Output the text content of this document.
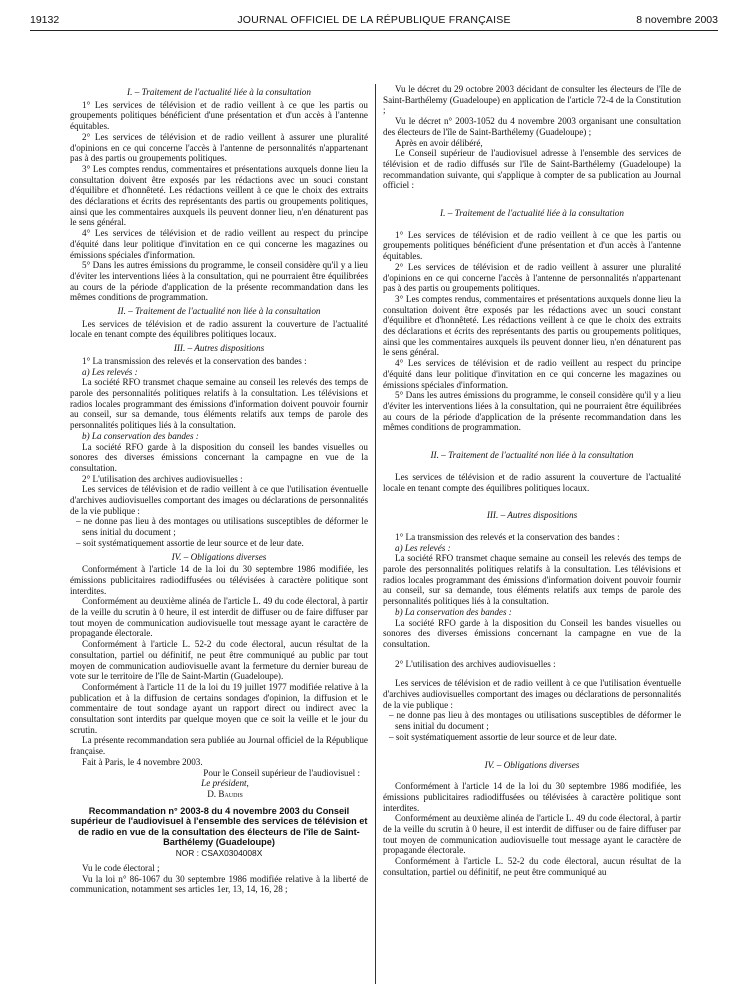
19132	JOURNAL OFFICIEL DE LA RÉPUBLIQUE FRANÇAISE	8 novembre 2003
I. – Traitement de l'actualité liée à la consultation

1° Les services de télévision et de radio veillent à ce que les partis ou groupements politiques bénéficient d'une présentation et d'un accès à l'antenne équitables.

2° Les services de télévision et de radio veillent à assurer une pluralité d'opinions en ce qui concerne l'accès à l'antenne de personnalités n'appartenant pas à des partis ou groupements politiques.

3° Les comptes rendus, commentaires et présentations auxquels donne lieu la consultation doivent être exposés par les rédactions avec un souci constant d'équilibre et d'honnêteté. Les rédactions veillent à ce que le choix des extraits des déclarations et écrits des représentants des partis ou groupements politiques, ainsi que les commentaires auxquels ils peuvent donner lieu, n'en dénaturent pas le sens général.

4° Les services de télévision et de radio veillent au respect du principe d'équité dans leur politique d'invitation en ce qui concerne les magazines ou émissions spéciales d'information.

5° Dans les autres émissions du programme, le conseil considère qu'il y a lieu d'éviter les interventions liées à la consultation, qui ne pourraient être équilibrées au cours de la période d'application de la présente recommandation dans les mêmes conditions de programmation.

II. – Traitement de l'actualité non liée à la consultation

Les services de télévision et de radio assurent la couverture de l'actualité locale en tenant compte des équilibres politiques locaux.

III. – Autres dispositions

1° La transmission des relevés et la conservation des bandes :

a) Les relevés :

La société RFO transmet chaque semaine au conseil les relevés des temps de parole des personnalités politiques relatifs à la consultation. Les télévisions et radios locales programmant des émissions d'information doivent pouvoir fournir au conseil, sur sa demande, tous éléments relatifs aux temps de parole des personnalités politiques liés à la consultation.

b) La conservation des bandes :

La société RFO garde à la disposition du conseil les bandes visuelles ou sonores des diverses émissions concernant la campagne en vue de la consultation.

2° L'utilisation des archives audiovisuelles :

Les services de télévision et de radio veillent à ce que l'utilisation éventuelle d'archives audiovisuelles comportant des images ou déclarations de personnalités de la vie publique :

– ne donne pas lieu à des montages ou utilisations susceptibles de déformer le sens initial du document ;

– soit systématiquement assortie de leur source et de leur date.

IV. – Obligations diverses

Conformément à l'article 14 de la loi du 30 septembre 1986 modifiée, les émissions publicitaires radiodiffusées ou télévisées à caractère politique sont interdites.

Conformément au deuxième alinéa de l'article L. 49 du code électoral, à partir de la veille du scrutin à 0 heure, il est interdit de diffuser ou de faire diffuser par tout moyen de communication audiovisuelle tout message ayant le caractère de propagande électorale.

Conformément à l'article L. 52-2 du code électoral, aucun résultat de la consultation, partiel ou définitif, ne peut être communiqué au public par tout moyen de communication audiovisuelle avant la fermeture du dernier bureau de vote sur le territoire de l'île de Saint-Martin (Guadeloupe).

Conformément à l'article 11 de la loi du 19 juillet 1977 modifiée relative à la publication et à la diffusion de certains sondages d'opinion, la diffusion et le commentaire de tout sondage ayant un rapport direct ou indirect avec la consultation sont interdits par quelque moyen que ce soit la veille et le jour du scrutin.

La présente recommandation sera publiée au Journal officiel de la République française.

Fait à Paris, le 4 novembre 2003.

Pour le Conseil supérieur de l'audiovisuel :

Le président,

D. Baudis

Recommandation n° 2003-8 du 4 novembre 2003 du Conseil supérieur de l'audiovisuel à l'ensemble des services de télévision et de radio en vue de la consultation des électeurs de l'île de Saint-Barthélemy (Guadeloupe)
NOR : CSAX0304008X

Vu le code électoral ;

Vu la loi n° 86-1067 du 30 septembre 1986 modifiée relative à la liberté de communication, notamment ses articles 1er, 13, 14, 16, 28 ;

Vu le décret du 29 octobre 2003 décidant de consulter les électeurs de l'île de Saint-Barthélemy (Guadeloupe) en application de l'article 72-4 de la Constitution ;

Vu le décret n° 2003-1052 du 4 novembre 2003 organisant une consultation des électeurs de l'île de Saint-Barthélemy (Guadeloupe) ;

Après en avoir délibéré,

Le Conseil supérieur de l'audiovisuel adresse à l'ensemble des services de télévision et de radio diffusés sur l'île de Saint-Barthélemy (Guadeloupe) la recommandation suivante, qui s'applique à compter de sa publication au Journal officiel :

I. – Traitement de l'actualité liée à la consultation

1° Les services de télévision et de radio veillent à ce que les partis ou groupements politiques bénéficient d'une présentation et d'un accès à l'antenne équitables.

2° Les services de télévision et de radio veillent à assurer une pluralité d'opinions en ce qui concerne l'accès à l'antenne de personnalités n'appartenant pas à des partis ou groupements politiques.

3° Les comptes rendus, commentaires et présentations auxquels donne lieu la consultation doivent être exposés par les rédactions avec un souci constant d'équilibre et d'honnêteté. Les rédactions veillent à ce que le choix des extraits des déclarations et écrits des représentants des partis ou groupements politiques, ainsi que les commentaires auxquels ils peuvent donner lieu, n'en dénaturent pas le sens général.

4° Les services de télévision et de radio veillent au respect du principe d'équité dans leur politique d'invitation en ce qui concerne les magazines ou émissions spéciales d'information.

5° Dans les autres émissions du programme, le conseil considère qu'il y a lieu d'éviter les interventions liées à la consultation, qui ne pourraient être équilibrées au cours de la période d'application de la présente recommandation dans les mêmes conditions de programmation.

II. – Traitement de l'actualité non liée à la consultation

Les services de télévision et de radio assurent la couverture de l'actualité locale en tenant compte des équilibres politiques locaux.

III. – Autres dispositions

1° La transmission des relevés et la conservation des bandes :

a) Les relevés :

La société RFO transmet chaque semaine au conseil les relevés des temps de parole des personnalités politiques relatifs à la consultation. Les télévisions et radios locales programmant des émissions d'information doivent pouvoir fournir au conseil, sur sa demande, tous éléments relatifs aux temps de parole des personnalités politiques liés à la consultation.

b) La conservation des bandes :

La société RFO garde à la disposition du Conseil les bandes visuelles ou sonores des diverses émissions concernant la campagne en vue de la consultation.

2° L'utilisation des archives audiovisuelles :

Les services de télévision et de radio veillent à ce que l'utilisation éventuelle d'archives audiovisuelles comportant des images ou déclarations de personnalités de la vie publique :

– ne donne pas lieu à des montages ou utilisations susceptibles de déformer le sens initial du document ;

– soit systématiquement assortie de leur source et de leur date.

IV. – Obligations diverses

Conformément à l'article 14 de la loi du 30 septembre 1986 modifiée, les émissions publicitaires radiodiffusées ou télévisées à caractère politique sont interdites.

Conformément au deuxième alinéa de l'article L. 49 du code électoral, à partir de la veille du scrutin à 0 heure, il est interdit de diffuser ou de faire diffuser par tout moyen de communication audiovisuelle tout message ayant le caractère de propagande électorale.

Conformément à l'article L. 52-2 du code électoral, aucun résultat de la consultation, partiel ou définitif, ne peut être communiqué au
